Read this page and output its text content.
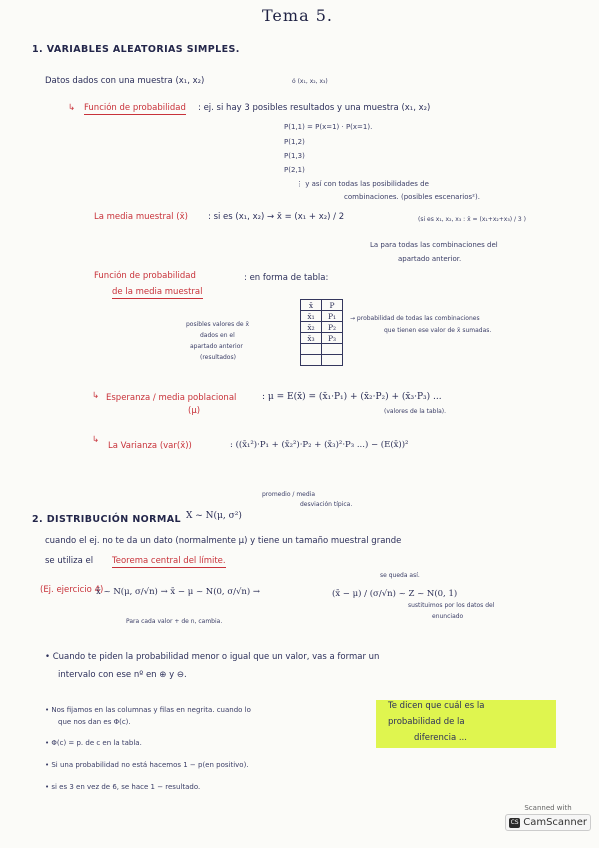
Tema 5.
1. VARIABLES ALEATORIAS SIMPLES.
Datos dados con una muestra (x₁, x₂)	ó (x₁, x₂, x₃)
↳ Función de probabilidad : ej. si hay 3 posibles resultados y una muestra (x₁, x₂)
P(1,1) = P(x=1) · P(x=1).
P(1,2)
P(1,3)
P(2,1)
⋮ y así con todas las posibilidades de
combinaciones. (posibles escenarios²).
La media muestral (x̄) : si es (x₁, x₂) → x̄ = (x₁ + x₂) / 2	(si es x₁, x₂, x₃ : x̄ = (x₁+x₂+x₃) / 3 )
La para todas las combinaciones del
apartado anterior.
Función de probabilidad
de la media muestral
: en forma de tabla:
posibles valores de x̄
dados en el
apartado anterior
(resultados)
x̄	P
x̄₁	P₁
x̄₂	P₂
x̄₃	P₃

→ probabilidad de todas las combinaciones
que tienen ese valor de x̄ sumadas.
↳ Esperanza / media poblacional
(μ)
: μ = E(x̄) = (x̄₁·P₁) + (x̄₂·P₂) + (x̄₃·P₃) ...
(valores de la tabla).
↳
La Varianza (var(x̄))	: ((x̄₁²)·P₁ + (x̄₂²)·P₂ + (x̄₃)²·P₃ ...) − (E(x̄))²
promedio / media
desviación típica.
2. DISTRIBUCIÓN NORMAL X ~ N(μ, σ²)
cuando el ej. no te da un dato (normalmente μ) y tiene un tamaño muestral grande
se utiliza el Teorema central del límite.
se queda así.
(Ej. ejercicio 4)
x̄ ~ N(μ, σ/√n) → x̄ − μ ~ N(0, σ/√n) →	(x̄ − μ) / (σ/√n) ~ Z ~ N(0, 1)
sustituimos por los datos del
enunciado
Para cada valor + de n, cambia.
• Cuando te piden la probabilidad menor o igual que un valor, vas a formar un
intervalo con ese nº en ⊕ y ⊖.
Te dicen que cuál es la
probabilidad de la
diferencia ...
• Nos fijamos en las columnas y filas en negrita. cuando lo
que nos dan es Φ(c).
• Φ(c) = p. de c en la tabla.
• Si una probabilidad no está hacemos 1 − p(en positivo).
• si es 3 en vez de 6, se hace 1 − resultado.
Scanned with
CS CamScanner
